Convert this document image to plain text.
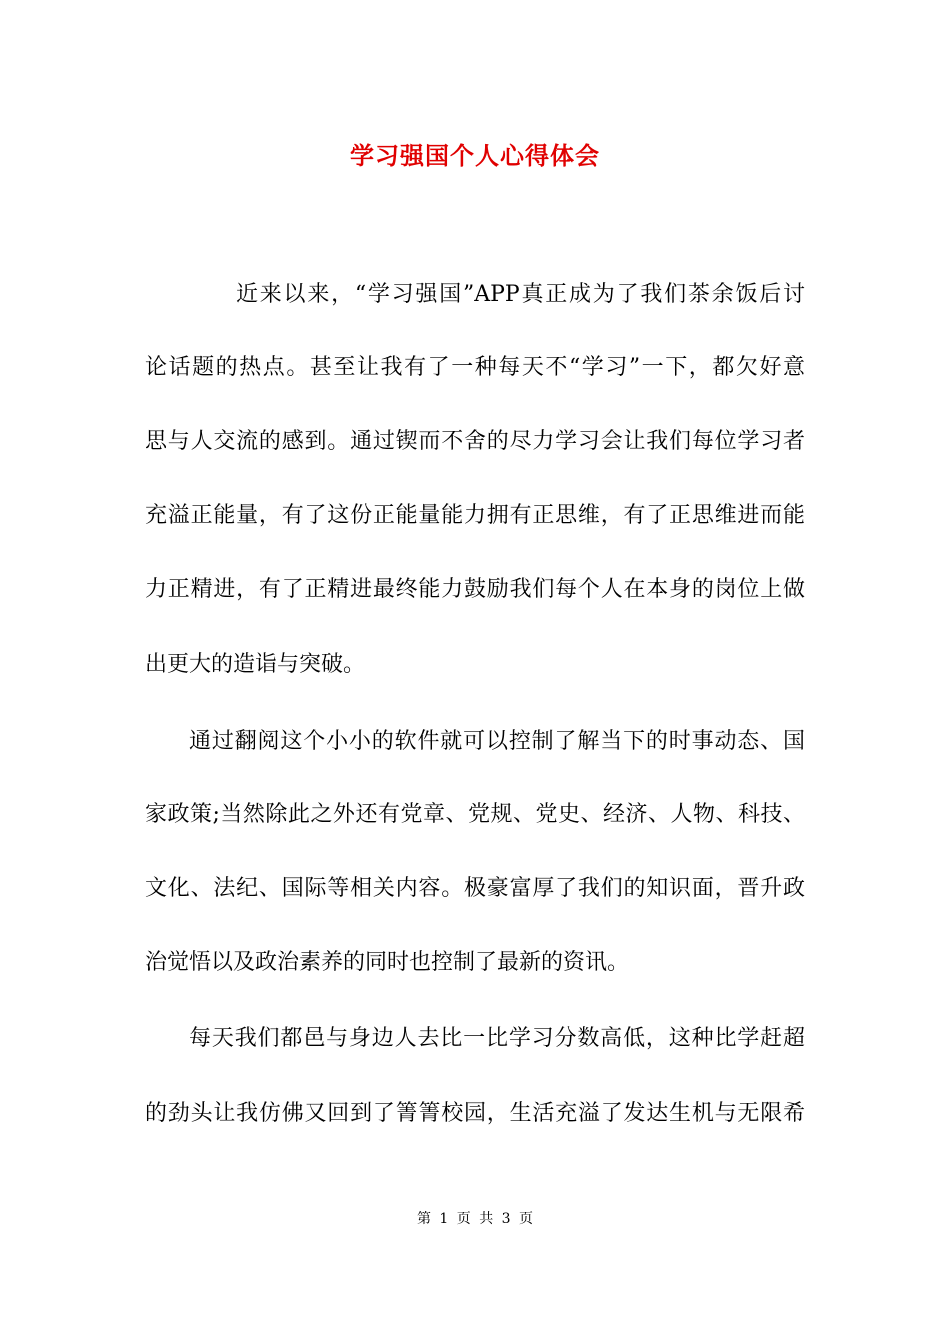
学习强国个人心得体会

近来以来，“学习强国”APP真正成为了我们茶余饭后讨

论话题的热点。甚至让我有了一种每天不“学习”一下，都欠好意

思与人交流的感到。通过锲而不舍的尽力学习会让我们每位学习者

充溢正能量，有了这份正能量能力拥有正思维，有了正思维进而能

力正精进，有了正精进最终能力鼓励我们每个人在本身的岗位上做

出更大的造诣与突破。

通过翻阅这个小小的软件就可以控制了解当下的时事动态、国

家政策;当然除此之外还有党章、党规、党史、经济、人物、科技、

文化、法纪、国际等相关内容。极豪富厚了我们的知识面，晋升政

治觉悟以及政治素养的同时也控制了最新的资讯。

每天我们都邑与身边人去比一比学习分数高低，这种比学赶超

的劲头让我仿佛又回到了箐箐校园，生活充溢了发达生机与无限希

第 1 页 共 3 页
